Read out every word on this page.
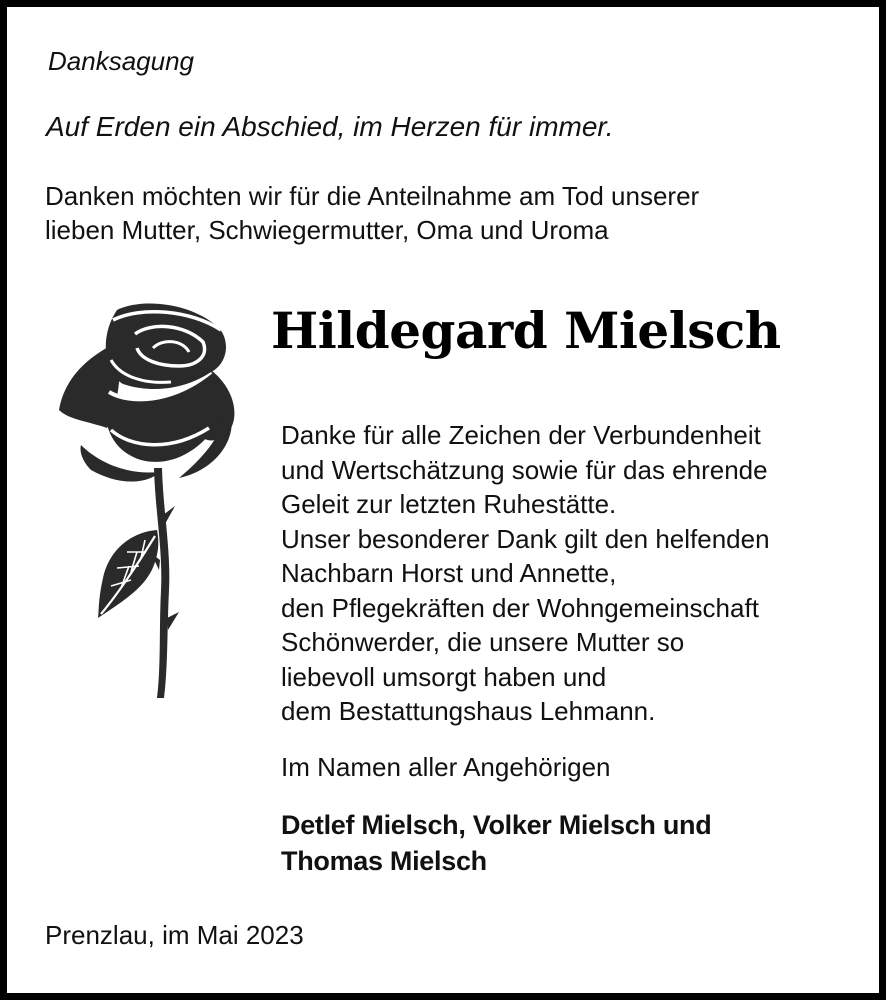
Danksagung
Auf Erden ein Abschied, im Herzen für immer.
Danken möchten wir für die Anteilnahme am Tod unserer
lieben Mutter, Schwiegermutter, Oma und Uroma
Hildegard Mielsch
Danke für alle Zeichen der Verbundenheit
und Wertschätzung sowie für das ehrende
Geleit zur letzten Ruhestätte.
Unser besonderer Dank gilt den helfenden
Nachbarn Horst und Annette,
den Pflegekräften der Wohngemeinschaft
Schönwerder, die unsere Mutter so
liebevoll umsorgt haben und
dem Bestattungshaus Lehmann.
Im Namen aller Angehörigen
Detlef Mielsch, Volker Mielsch und
Thomas Mielsch
Prenzlau, im Mai 2023
